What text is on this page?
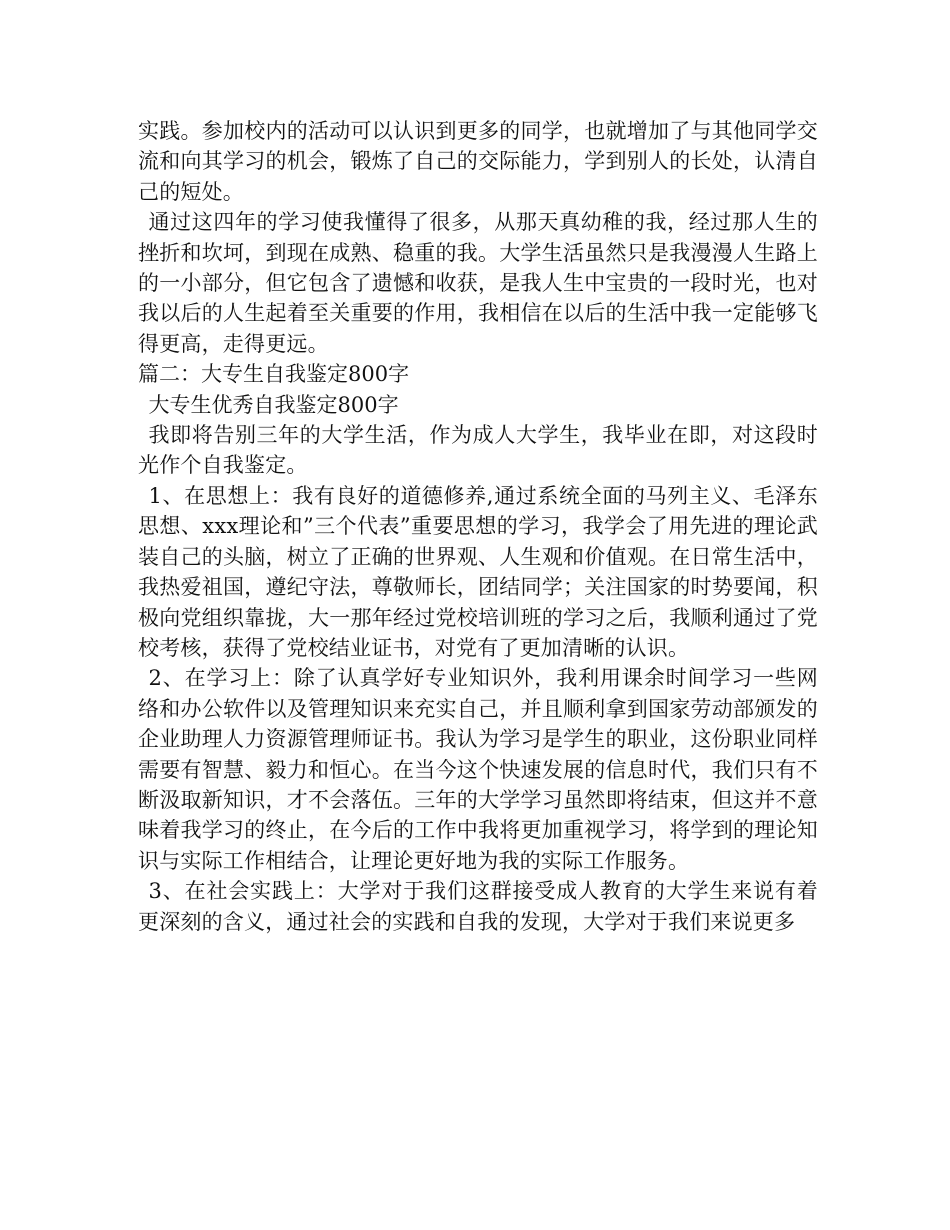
实践。参加校内的活动可以认识到更多的同学，也就增加了与其他同学交流和向其学习的机会，锻炼了自己的交际能力，学到别人的长处，认清自己的短处。

通过这四年的学习使我懂得了很多，从那天真幼稚的我，经过那人生的挫折和坎坷，到现在成熟、稳重的我。大学生活虽然只是我漫漫人生路上的一小部分，但它包含了遗憾和收获，是我人生中宝贵的一段时光，也对我以后的人生起着至关重要的作用，我相信在以后的生活中我一定能够飞得更高，走得更远。

篇二：大专生自我鉴定800字

大专生优秀自我鉴定800字

我即将告别三年的大学生活，作为成人大学生，我毕业在即，对这段时光作个自我鉴定。

1、在思想上：我有良好的道德修养,通过系统全面的马列主义、毛泽东思想、xxx理论和”三个代表”重要思想的学习，我学会了用先进的理论武装自己的头脑，树立了正确的世界观、人生观和价值观。在日常生活中，我热爱祖国，遵纪守法，尊敬师长，团结同学；关注国家的时势要闻，积极向党组织靠拢，大一那年经过党校培训班的学习之后，我顺利通过了党校考核，获得了党校结业证书，对党有了更加清晰的认识。

2、在学习上：除了认真学好专业知识外，我利用课余时间学习一些网络和办公软件以及管理知识来充实自己，并且顺利拿到国家劳动部颁发的企业助理人力资源管理师证书。我认为学习是学生的职业，这份职业同样需要有智慧、毅力和恒心。在当今这个快速发展的信息时代，我们只有不断汲取新知识，才不会落伍。三年的大学学习虽然即将结束，但这并不意味着我学习的终止，在今后的工作中我将更加重视学习，将学到的理论知识与实际工作相结合，让理论更好地为我的实际工作服务。

3、在社会实践上：大学对于我们这群接受成人教育的大学生来说有着更深刻的含义，通过社会的实践和自我的发现，大学对于我们来说更多
